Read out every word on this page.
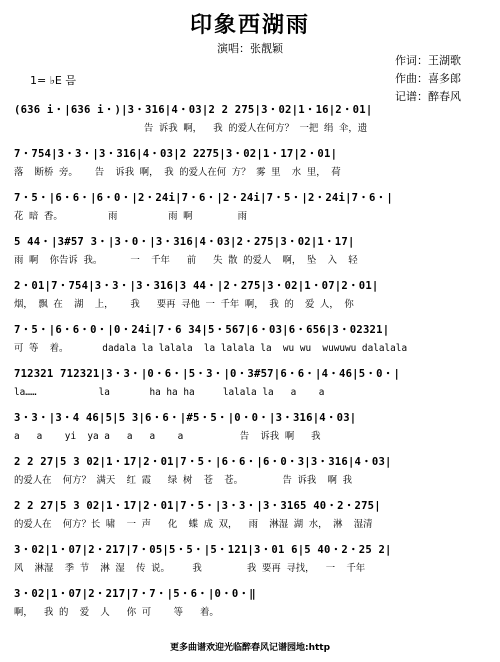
印象西湖雨
演唱：张靓颖
作词：王湖歌
作曲：喜多郎
记谱：醉春风
1= ♭E 믐
(636 i・|636 i・)|3・316|4・03|2 2 275|3・02|1・16|2・01|
告 诉我 啊，  我 的爱人在何方？ 一把 绢 伞，遗
7・754|3・3・|3・316|4・03|2 2275|3・02|1・17|2・01|
落  断桥 旁。   告  诉我 啊， 我 的爱人在何 方？ 雾 里  水 里， 荷
7・5・|6・6・|6・0・|2・24i|7・6・|2・24i|7・5・|2・24i|7・6・|
花 暗 香。        雨         雨 啊        雨
5 44・|3#57 3・|3・0・|3・316|4・03|2・275|3・02|1・17|
雨 啊  你告诉 我。     一  千年   前   失 散 的爱人  啊， 坠  入  轻
2・01|7・754|3・3・|3・316|3 44・|2・275|3・02|1・07|2・01|
烟， 飘 在  湖  上，   我   要再 寻他 一 千年 啊， 我 的  爱 人， 你
7・5・|6・6・0・|0・24i|7・6 34|5・567|6・03|6・656|3・02321|
可 等  着。      dadala la lalala  la lalala la  wu wu  wuwuwu dalalala
712321 712321|3・3・|0・6・|5・3・|0・3#57|6・6・|4・46|5・0・|
la……           la       ha ha ha     lalala la   a    a
3・3・|3・4 46|5|5 3|6・6・|#5・5・|0・0・|3・316|4・03|
a   a    yi  ya a   a   a    a          告  诉我 啊   我
2 2 27|5 3 02|1・17|2・01|7・5・|6・6・|6・0・3|3・316|4・03|
的爱人在  何方？ 满天  红 霞   绿 树  苍  苍。       告 诉我  啊 我
2 2 27|5 3 02|1・17|2・01|7・5・|3・3・|3・3165 40・2・275|
的爱人在  何方？长 啸  一 声   化  蝶 成 双，  雨  淋湿 湖 水， 淋  湿清
3・02|1・07|2・217|7・05|5・5・|5・121|3・01 6|5 40・2・25 2|
风  淋湿  季 节  淋 湿  传 说。    我        我 要再 寻找，  一  千年
3・02|1・07|2・217|7・7・|5・6・|0・0・‖
啊，  我 的  爱  人   你 可    等   着。
更多曲谱欢迎光临醉春风记谱园地:http
